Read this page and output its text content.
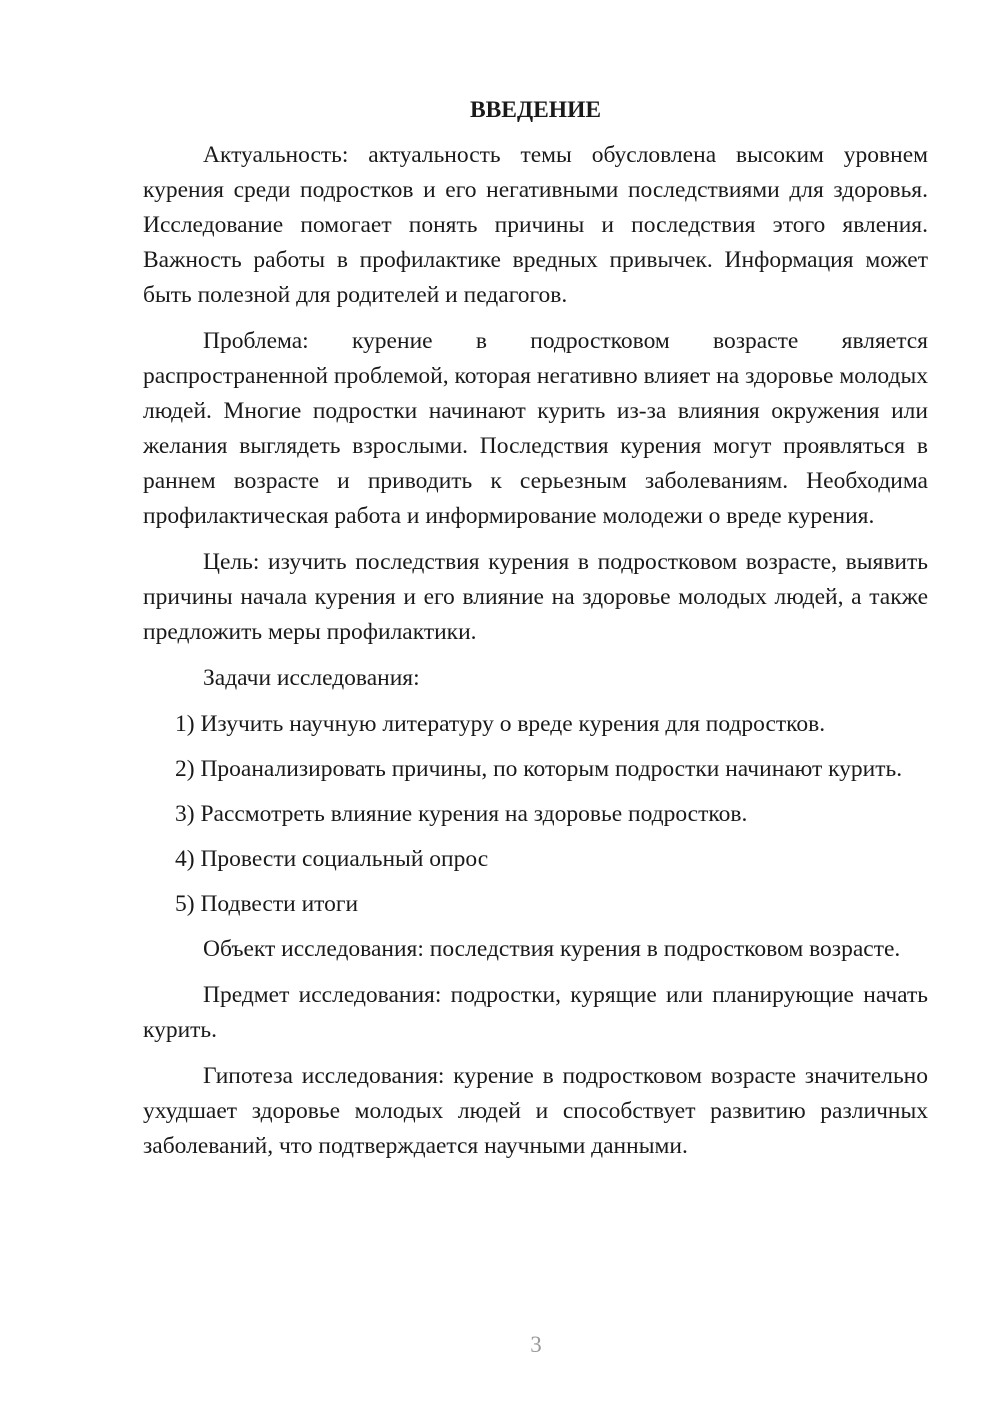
ВВЕДЕНИЕ

Актуальность: актуальность темы обусловлена высоким уровнем курения среди подростков и его негативными последствиями для здоровья. Исследование помогает понять причины и последствия этого явления. Важность работы в профилактике вредных привычек. Информация может быть полезной для родителей и педагогов.

Проблема: курение в подростковом возрасте является распространенной проблемой, которая негативно влияет на здоровье молодых людей. Многие подростки начинают курить из-за влияния окружения или желания выглядеть взрослыми. Последствия курения могут проявляться в раннем возрасте и приводить к серьезным заболеваниям. Необходима профилактическая работа и информирование молодежи о вреде курения.

Цель: изучить последствия курения в подростковом возрасте, выявить причины начала курения и его влияние на здоровье молодых людей, а также предложить меры профилактики.

Задачи исследования:

1) Изучить научную литературу о вреде курения для подростков.

2) Проанализировать причины, по которым подростки начинают курить.

3) Рассмотреть влияние курения на здоровье подростков.

4) Провести социальный опрос

5) Подвести итоги

Объект исследования: последствия курения в подростковом возрасте.

Предмет исследования: подростки, курящие или планирующие начать курить.

Гипотеза исследования: курение в подростковом возрасте значительно ухудшает здоровье молодых людей и способствует развитию различных заболеваний, что подтверждается научными данными.

3
